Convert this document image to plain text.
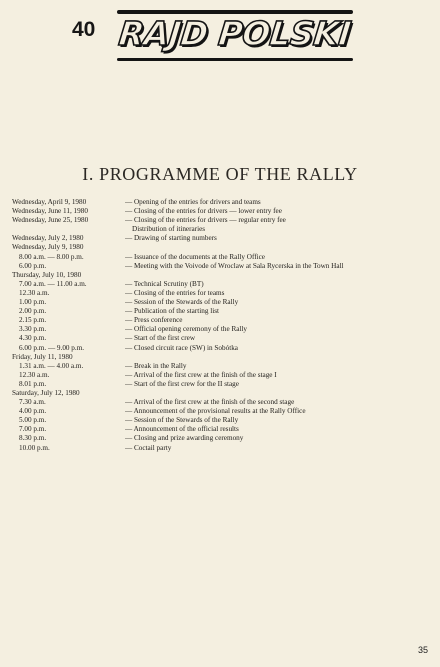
40 RAJD POLSKI
I. PROGRAMME OF THE RALLY
Wednesday, April 9, 1980	— Opening of the entries for drivers and teams
Wednesday, June 11, 1980	— Closing of the entries for drivers — lower entry fee
Wednesday, June 25, 1980	— Closing of the entries for drivers — regular entry fee
Distribution of itineraries
Wednesday, July 2, 1980	— Drawing of starting numbers
Wednesday, July 9, 1980
8.00 a.m. — 8.00 p.m.	— Issuance of the documents at the Rally Office
6.00 p.m.	— Meeting with the Voivode of Wroclaw at Sala Rycerska in the Town Hall
Thursday, July 10, 1980
7.00 a.m. — 11.00 a.m.	— Technical Scrutiny (BT)
12.30 a.m.	— Closing of the entries for teams
1.00 p.m.	— Session of the Stewards of the Rally
2.00 p.m.	— Publication of the starting list
2.15 p.m.	— Press conference
3.30 p.m.	— Official opening ceremony of the Rally
4.30 p.m.	— Start of the first crew
6.00 p.m. — 9.00 p.m.	— Closed circuit race (SW) in Sobótka
Friday, July 11, 1980
1.31 a.m. — 4.00 a.m.	— Break in the Rally
12.30 a.m.	— Arrival of the first crew at the finish of the stage I
8.01 p.m.	— Start of the first crew for the II stage
Saturday, July 12, 1980
7.30 a.m.	— Arrival of the first crew at the finish of the second stage
4.00 p.m.	— Announcement of the provisional results at the Rally Office
5.00 p.m.	— Session of the Stewards of the Rally
7.00 p.m.	— Announcement of the official results
8.30 p.m.	— Closing and prize awarding ceremony
10.00 p.m.	— Coctail party
35
